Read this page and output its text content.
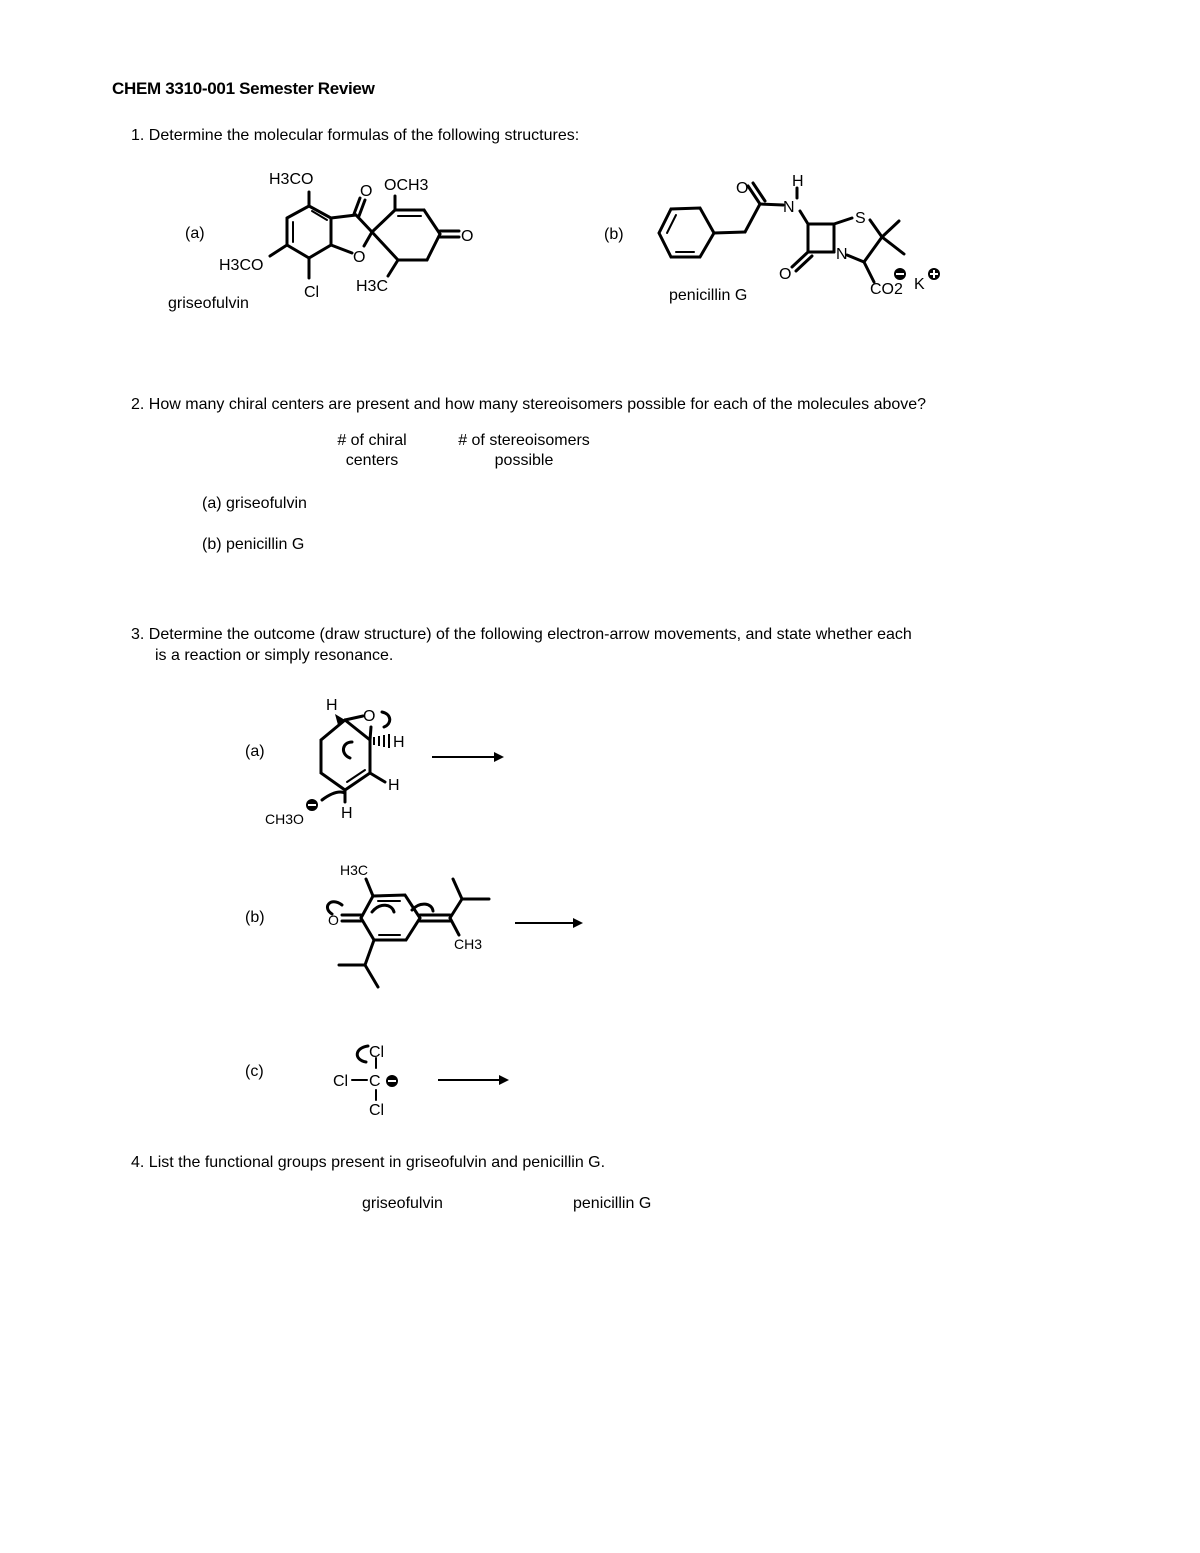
CHEM 3310-001 Semester Review
1. Determine the molecular formulas of the following structures:
(a)
griseofulvin
(b)
penicillin G
H3CO	OCH3
O
H3CO	O
O
Cl H3C
O	H
N
S
N
O
CO2 K
2. How many chiral centers are present and how many stereoisomers possible for each of the molecules above?
# of chiral
centers
# of stereoisomers
possible
(a) griseofulvin
(b) penicillin G
3. Determine the outcome (draw structure) of the following electron-arrow movements, and state whether each
is a reaction or simply resonance.
(a)
(b)
(c)
H
O
H
H
H
CH3O
H3C
O
CH3
Cl
Cl C
Cl
4. List the functional groups present in griseofulvin and penicillin G.
griseofulvin	penicillin G
